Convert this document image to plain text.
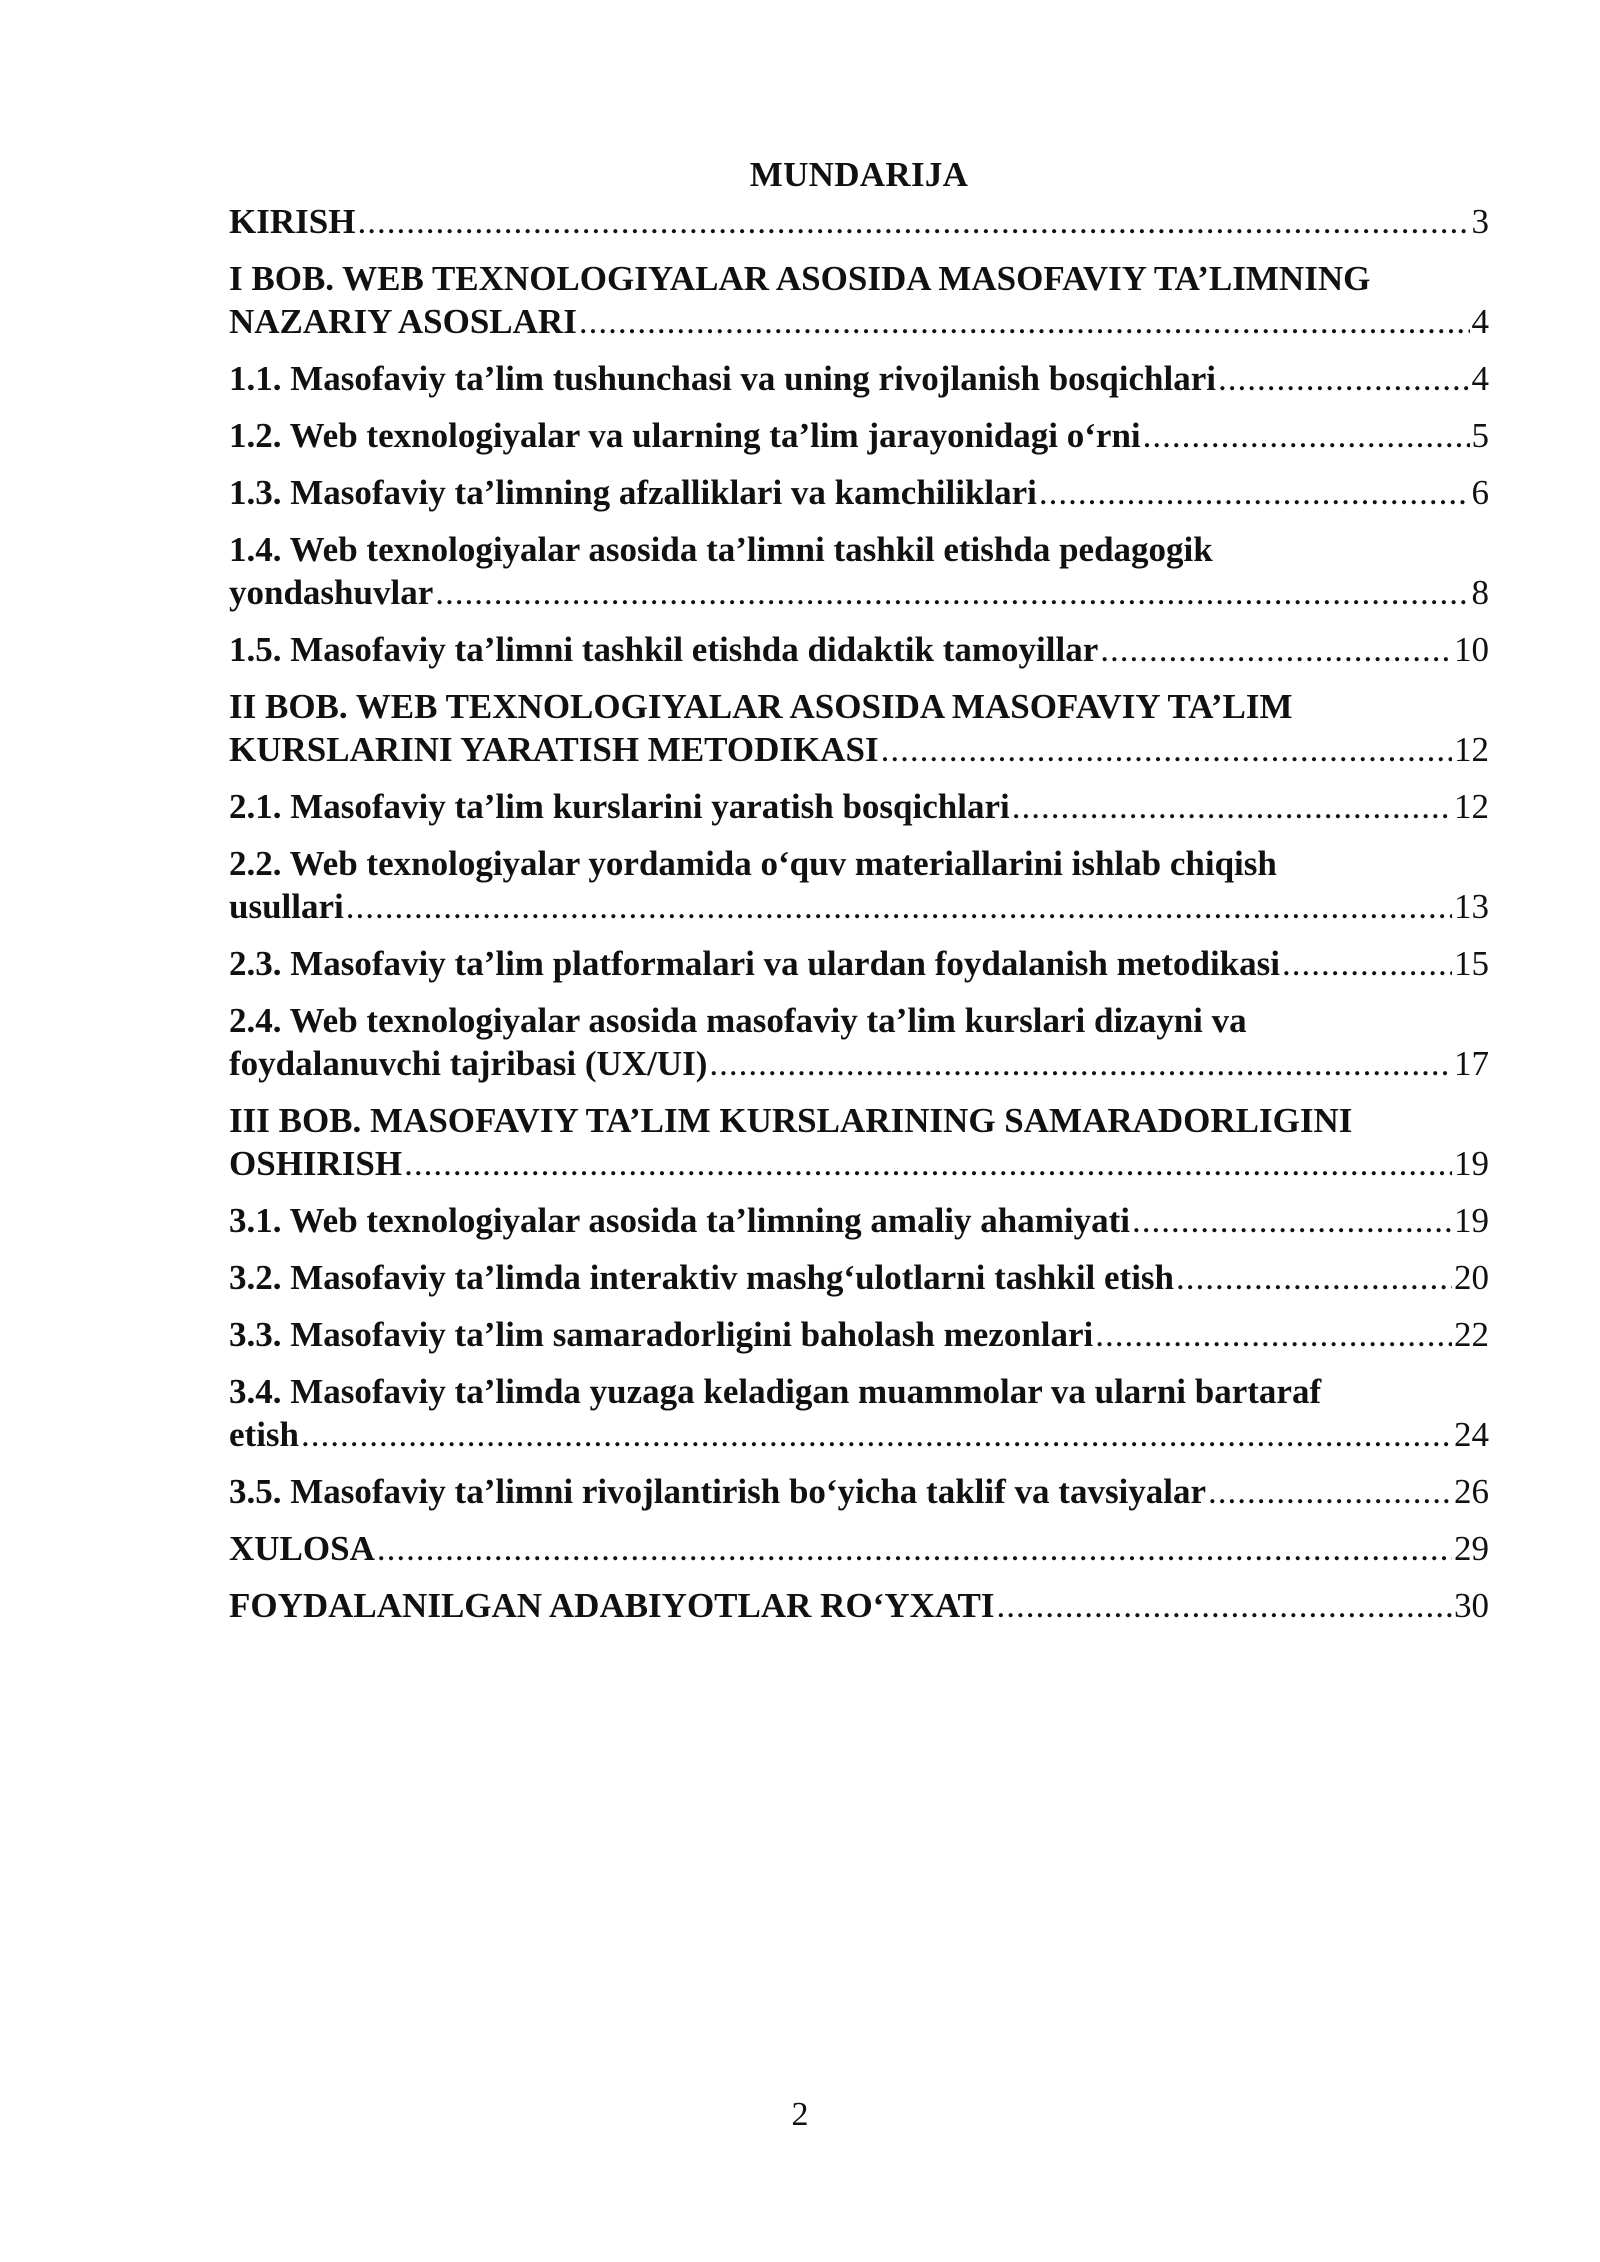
MUNDARIJA
KIRISH .....	3
I BOB. WEB TEXNOLOGIYALAR ASOSIDA MASOFAVIY TA’LIMNING
NAZARIY ASOSLARI .....	4
1.1. Masofaviy ta’lim tushunchasi va uning rivojlanish bosqichlari .....	4
1.2. Web texnologiyalar va ularning ta’lim jarayonidagi o‘rni .....	5
1.3. Masofaviy ta’limning afzalliklari va kamchiliklari .....	6
1.4. Web texnologiyalar asosida ta’limni tashkil etishda pedagogik
yondashuvlar .....	8
1.5. Masofaviy ta’limni tashkil etishda didaktik tamoyillar .....	10
II BOB. WEB TEXNOLOGIYALAR ASOSIDA MASOFAVIY TA’LIM
KURSLARINI YARATISH METODIKASI .....	12
2.1. Masofaviy ta’lim kurslarini yaratish bosqichlari .....	12
2.2. Web texnologiyalar yordamida o‘quv materiallarini ishlab chiqish
usullari .....	13
2.3. Masofaviy ta’lim platformalari va ulardan foydalanish metodikasi .....	15
2.4. Web texnologiyalar asosida masofaviy ta’lim kurslari dizayni va
foydalanuvchi tajribasi (UX/UI) .....	17
III BOB. MASOFAVIY TA’LIM KURSLARINING SAMARADORLIGINI
OSHIRISH .....	19
3.1. Web texnologiyalar asosida ta’limning amaliy ahamiyati .....	19
3.2. Masofaviy ta’limda interaktiv mashg‘ulotlarni tashkil etish .....	20
3.3. Masofaviy ta’lim samaradorligini baholash mezonlari .....	22
3.4. Masofaviy ta’limda yuzaga keladigan muammolar va ularni bartaraf
etish .....	24
3.5. Masofaviy ta’limni rivojlantirish bo‘yicha taklif va tavsiyalar .....	26
XULOSA .....	29
FOYDALANILGAN ADABIYOTLAR RO‘YXATI .....	30
2
